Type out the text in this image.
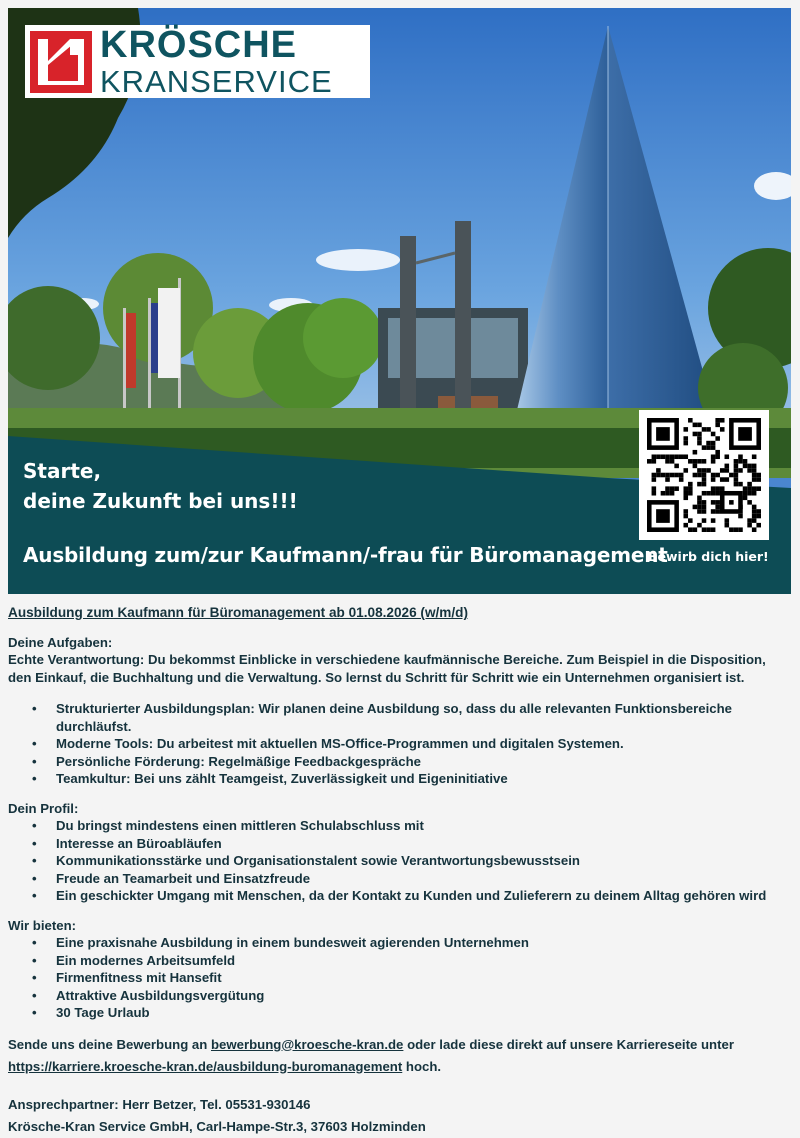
KRÖSCHE
KRANSERVICE
Starte,
deine Zukunft bei uns!!!
Ausbildung zum/zur Kaufmann/-frau für Büromanagement
Bewirb dich hier!
Ausbildung zum Kaufmann für Büromanagement ab 01.08.2026 (w/m/d)
Deine Aufgaben:

Echte Verantwortung: Du bekommst Einblicke in verschiedene kaufmännische Bereiche. Zum Beispiel in die Disposition, den Einkauf, die Buchhaltung und die Verwaltung. So lernst du Schritt für Schritt wie ein Unternehmen organisiert ist.

• Strukturierter Ausbildungsplan: Wir planen deine Ausbildung so, dass du alle relevanten Funktionsbereiche durchläufst.
• Moderne Tools: Du arbeitest mit aktuellen MS-Office-Programmen und digitalen Systemen.
• Persönliche Förderung: Regelmäßige Feedbackgespräche
• Teamkultur: Bei uns zählt Teamgeist, Zuverlässigkeit und Eigeninitiative
Dein Profil:
• Du bringst mindestens einen mittleren Schulabschluss mit
• Interesse an Büroabläufen
• Kommunikationsstärke und Organisationstalent sowie Verantwortungsbewusstsein
• Freude an Teamarbeit und Einsatzfreude
• Ein geschickter Umgang mit Menschen, da der Kontakt zu Kunden und Zulieferern zu deinem Alltag gehören wird
Wir bieten:
• Eine praxisnahe Ausbildung in einem bundesweit agierenden Unternehmen
• Ein modernes Arbeitsumfeld
• Firmenfitness mit Hansefit
• Attraktive Ausbildungsvergütung
• 30 Tage Urlaub

Sende uns deine Bewerbung an bewerbung@kroesche-kran.de oder lade diese direkt auf unsere Karriereseite unter https://karriere.kroesche-kran.de/ausbildung-buromanagement hoch.

Ansprechpartner: Herr Betzer, Tel. 05531-930146
Krösche-Kran Service GmbH, Carl-Hampe-Str.3, 37603 Holzminden
